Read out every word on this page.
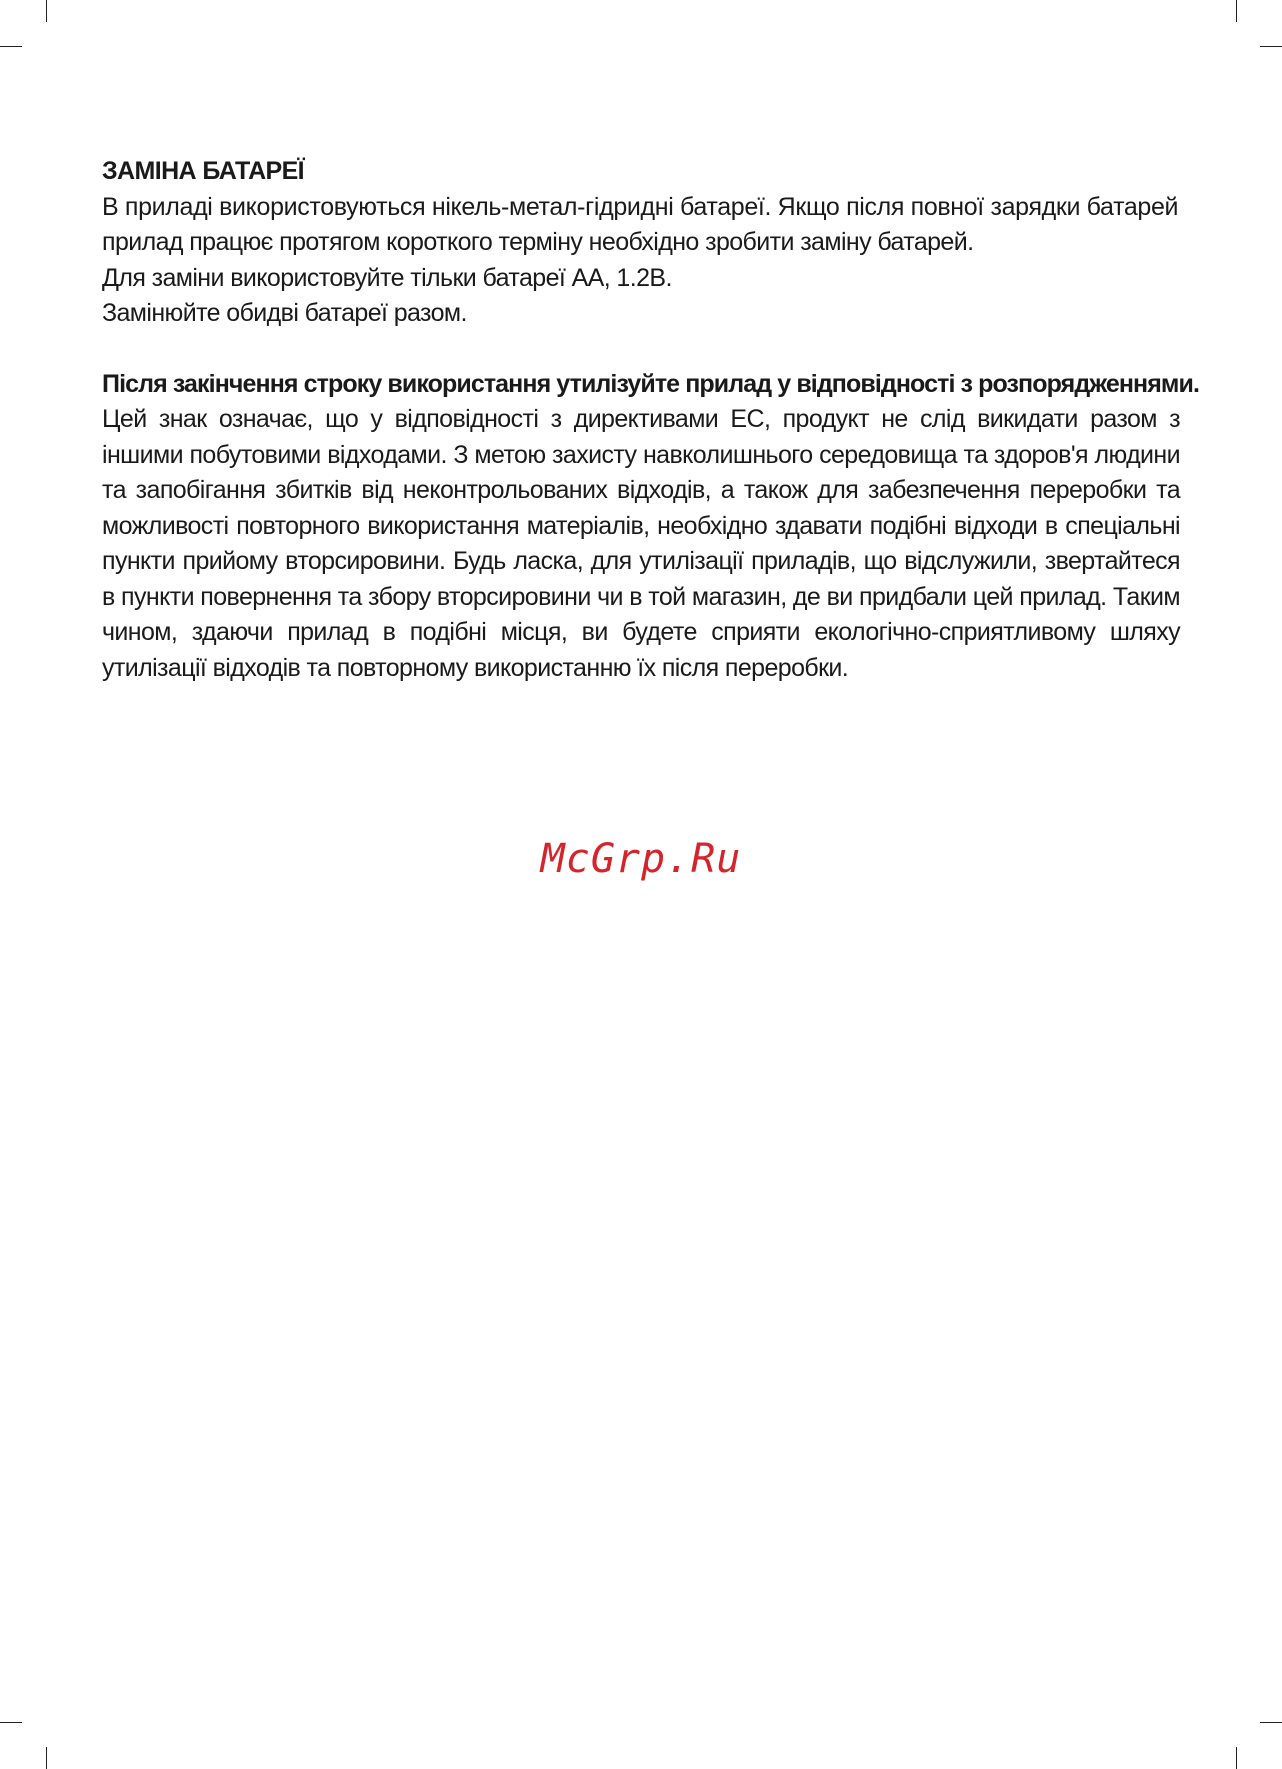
ЗАМІНА БАТАРЕЇ

В приладі використовуються нікель-метал-гідридні батареї. Якщо після повної зарядки батарей

прилад працює протягом короткого терміну необхідно зробити заміну батарей.

Для заміни використовуйте тільки батареї АА, 1.2В.

Замінюйте обидві батареї разом.

Після закінчення строку використання утилізуйте прилад у відповідності з розпорядженнями.

Цей знак означає, що у відповідності з директивами ЕС, продукт не слід викидати разом з іншими побутовими відходами. З метою захисту навколишнього середовища та здоров'я людини та запобігання збитків від неконтрольованих відходів, а також для забезпечення переробки та можливості повторного використання матеріалів, необхідно здавати подібні відходи в спеціальні пункти прийому вторсировини. Будь ласка, для утилізації приладів, що відслужили, звертайтеся в пункти повернення та збору вторсировини чи в той магазин, де ви придбали цей прилад. Таким чином, здаючи прилад в подібні місця, ви будете сприяти екологічно-сприятливому шляху утилізації відходів та повторному використанню їх після переробки.

McGrp.Ru
